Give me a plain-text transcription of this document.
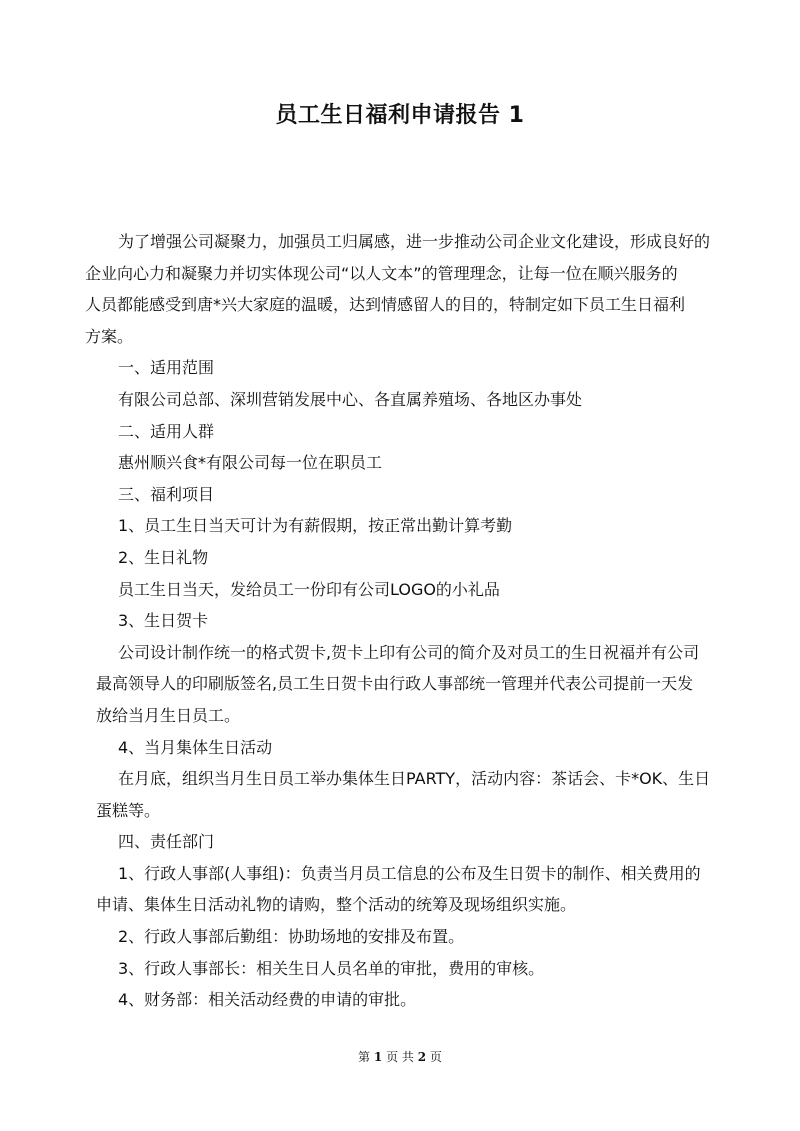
员工生日福利申请报告 1
为了增强公司凝聚力，加强员工归属感，进一步推动公司企业文化建设，形成良好的
企业向心力和凝聚力并切实体现公司“以人文本”的管理理念，让每一位在顺兴服务的
人员都能感受到唐*兴大家庭的温暖，达到情感留人的目的，特制定如下员工生日福利
方案。
一、适用范围
有限公司总部、深圳营销发展中心、各直属养殖场、各地区办事处
二、适用人群
惠州顺兴食*有限公司每一位在职员工
三、福利项目
1、员工生日当天可计为有薪假期，按正常出勤计算考勤
2、生日礼物
员工生日当天，发给员工一份印有公司LOGO的小礼品
3、生日贺卡
公司设计制作统一的格式贺卡,贺卡上印有公司的简介及对员工的生日祝福并有公司
最高领导人的印刷版签名,员工生日贺卡由行政人事部统一管理并代表公司提前一天发
放给当月生日员工。
4、当月集体生日活动
在月底，组织当月生日员工举办集体生日PARTY，活动内容：茶话会、卡*OK、生日
蛋糕等。
四、责任部门
1、行政人事部(人事组)：负责当月员工信息的公布及生日贺卡的制作、相关费用的
申请、集体生日活动礼物的请购，整个活动的统筹及现场组织实施。
2、行政人事部后勤组：协助场地的安排及布置。
3、行政人事部长：相关生日人员名单的审批，费用的审核。
4、财务部：相关活动经费的申请的审批。
第 1 页 共 2 页
